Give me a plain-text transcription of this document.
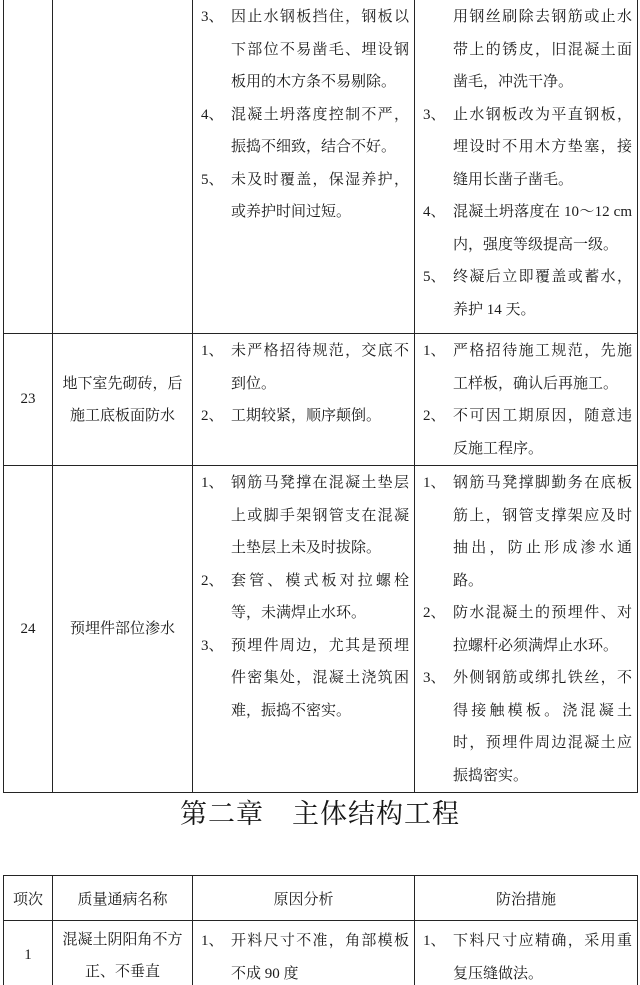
3、 因止水钢板挡住，钢板以下部位不易凿毛、埋设钢板用的木方条不易剔除。
4、 混凝土坍落度控制不严，振捣不细致，结合不好。
5、 未及时覆盖，保湿养护，或养护时间过短。

用钢丝刷除去钢筋或止水带上的锈皮，旧混凝土面凿毛，冲洗干净。
3、 止水钢板改为平直钢板，埋设时不用木方垫塞，接缝用长凿子凿毛。
4、 混凝土坍落度在 10～12 cm 内，强度等级提高一级。
5、 终凝后立即覆盖或蓄水，养护 14 天。

23	地下室先砌砖，后施工底板面防水	
1、 未严格招待规范，交底不到位。
2、 工期较紧，顺序颠倒。

1、 严格招待施工规范，先施工样板，确认后再施工。
2、 不可因工期原因，随意违反施工程序。

24	预埋件部位渗水	
1、 钢筋马凳撑在混凝土垫层上或脚手架钢管支在混凝土垫层上未及时拔除。
2、 套管、模式板对拉螺栓等，未满焊止水环。
3、 预埋件周边，尤其是预埋件密集处，混凝土浇筑困难，振捣不密实。

1、 钢筋马凳撑脚勤务在底板筋上，钢管支撑架应及时抽出，防止形成渗水通路。
2、 防水混凝土的预埋件、对拉螺杆必须满焊止水环。
3、 外侧钢筋或绑扎铁丝，不得接触模板。浇混凝土时，预埋件周边混凝土应振捣密实。
第二章　主体结构工程
项次	质量通病名称	原因分析	防治措施
1	混凝土阴阳角不方正、不垂直	1、 开料尺寸不准，角部模板不成 90 度	1、 下料尺寸应精确，采用重复压缝做法。
